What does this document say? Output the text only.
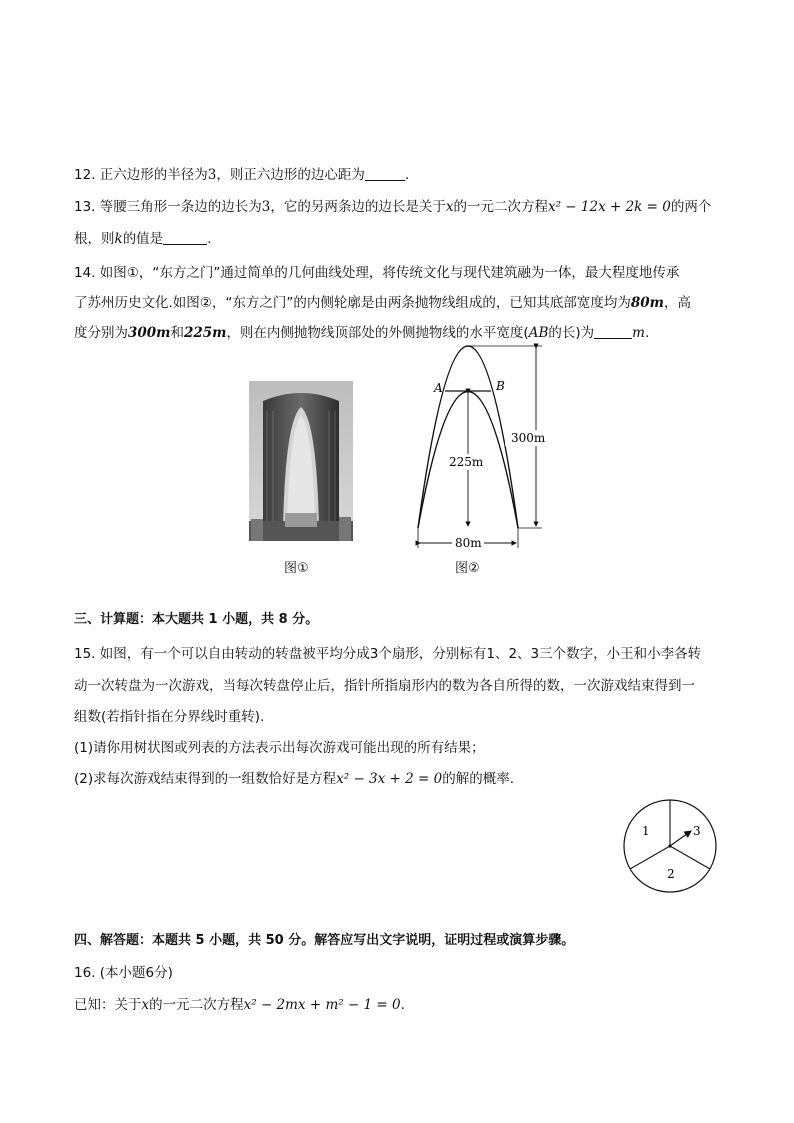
12. 正六边形的半径为3，则正六边形的边心距为	.
13. 等腰三角形一条边的边长为3，它的另两条边的边长是关于x的一元二次方程x² − 12x + 2k = 0的两个
根，则k的值是	.
14. 如图①，“东方之门”通过简单的几何曲线处理，将传统文化与现代建筑融为一体，最大程度地传承
了苏州历史文化.如图②，“东方之门”的内侧轮廓是由两条抛物线组成的，已知其底部宽度均为80m，高
度分别为300m和225m，则在内侧抛物线顶部处的外侧抛物线的水平宽度(AB的长)为	m.
图①
A	B
300m
225m
80m
图②
三、计算题：本大题共 1 小题，共 8 分。
15. 如图，有一个可以自由转动的转盘被平均分成3个扇形，分别标有1、2、3三个数字，小王和小李各转
动一次转盘为一次游戏，当每次转盘停止后，指针所指扇形内的数为各自所得的数，一次游戏结束得到一
组数(若指针指在分界线时重转).
(1)请你用树状图或列表的方法表示出每次游戏可能出现的所有结果；
(2)求每次游戏结束得到的一组数恰好是方程x² − 3x + 2 = 0的解的概率.
1
2
3
四、解答题：本题共 5 小题，共 50 分。解答应写出文字说明，证明过程或演算步骤。
16. (本小题6分)
已知：关于x的一元二次方程x² − 2mx + m² − 1 = 0.
